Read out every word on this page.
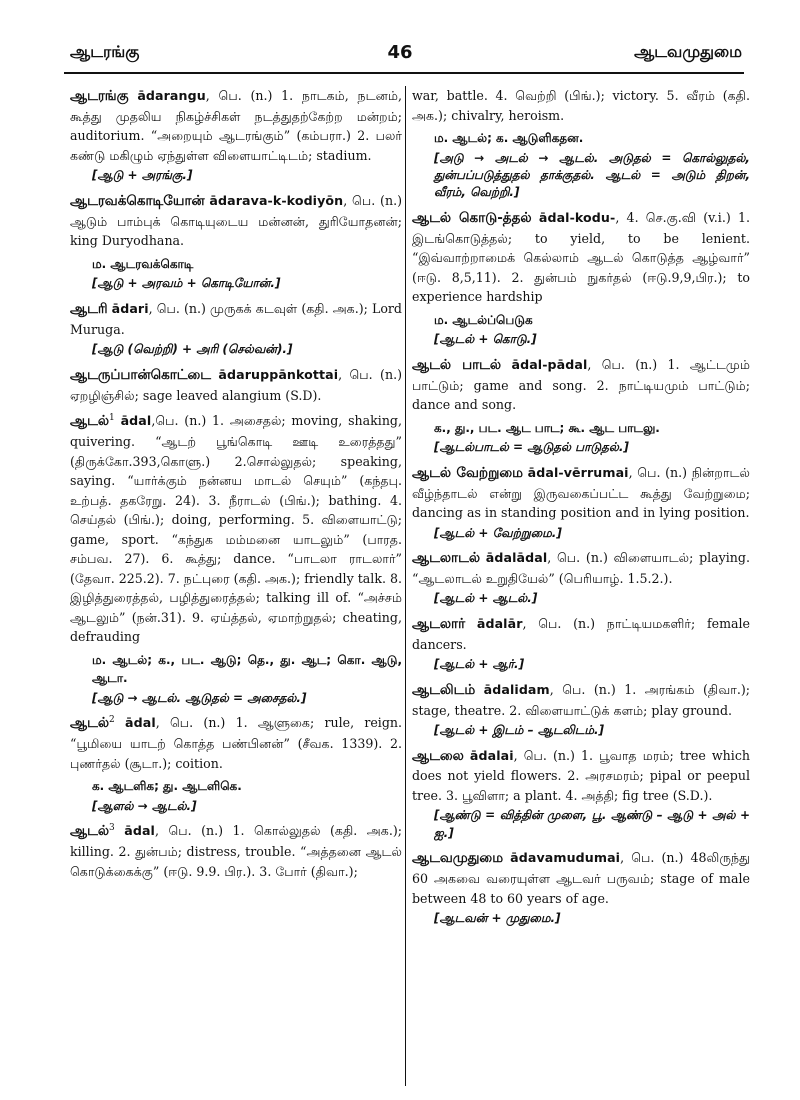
ஆடரங்கு	46	ஆடவமுதுமை

ஆடரங்கு ādarangu, பெ. (n.) 1. நாடகம், நடனம், கூத்து முதலிய நிகழ்ச்சிகள் நடத்துதற்கேற்ற மன்றம்; auditorium. “அறையும் ஆடரங்கும்” (கம்பரா.) 2. பலர் கண்டு மகிழும் ஏந்துள்ள விளையாட்டிடம்; stadium.

[ஆடு + அரங்கு.]

ஆடரவக்கொடியோன் ādarava-k-kodiyōn, பெ. (n.) ஆடும் பாம்புக் கொடியுடைய மன்னன், துரியோதனன்; king Duryodhana.

ம. ஆடரவக்கொடி
[ஆடு + அரவம் + கொடியோன்.]

ஆடரி ādari, பெ. (n.) முருகக் கடவுள் (கதி. அக.); Lord Muruga.

[ஆடு (வெற்றி) + அரி (செல்வன்).]

ஆடருப்பான்கொட்டை ādaruppānkottai, பெ. (n.) ஏறழிஞ்சில்; sage leaved alangium (S.D).

ஆடல்$^1$ ādal,பெ. (n.) 1. அசைதல்; moving, shaking, quivering. “ஆடற் பூங்கொடி ஊடி உரைத்தது” (திருக்கோ.393,கொளு.) 2.சொல்லுதல்; speaking, saying. “யார்க்கும் நன்னய மாடல் செயும்” (கந்தபு. உற்பத். தகரேறு. 24). 3. நீராடல் (பிங்.); bathing. 4. செய்தல் (பிங்.); doing, performing. 5. விளையாட்டு; game, sport. “கந்துக மம்மனை யாடலும்” (பாரத. சம்பவ. 27). 6. கூத்து; dance. “பாடலா ராடலார்” (தேவா. 225.2). 7. நட்புரை (கதி. அக.); friendly talk. 8. இழித்துரைத்தல், பழித்துரைத்தல்; talking ill of. “அச்சம் ஆடலும்” (நன்.31). 9. ஏய்த்தல், ஏமாற்றுதல்; cheating, defrauding

ம. ஆடல்; க., பட. ஆடு; தெ., து. ஆட; கொ. ஆடு, ஆடா.
[ஆடு → ஆடல். ஆடுதல் = அசைதல்.]

ஆடல்$^2$ ādal, பெ. (n.) 1. ஆளுகை; rule, reign. “பூமியை யாடற் கொத்த பண்பினன்” (சீவக. 1339). 2. புணர்தல் (சூடா.); coition.

க. ஆடளிக; து. ஆடளிகெ.
[ஆளல் → ஆடல்.]

ஆடல்$^3$ ādal, பெ. (n.) 1. கொல்லுதல் (கதி. அக.); killing. 2. துன்பம்; distress, trouble. “அத்தனை ஆடல் கொடுக்கைக்கு” (ஈடு. 9.9. பிர.). 3. போர் (திவா.);

war, battle. 4. வெற்றி (பிங்.); victory. 5. வீரம் (கதி. அக.); chivalry, heroism.

ம. ஆடல்; க. ஆடுளிகதன.
[அடு → அடல் → ஆடல். அடுதல் = கொல்லுதல், துன்பப்படுத்துதல் தாக்குதல். ஆடல் = அடும் திறன், வீரம், வெற்றி.]

ஆடல் கொடு-த்தல் ādal-kodu-, 4. செ.கு.வி (v.i.) 1. இடங்கொடுத்தல்; to yield, to be lenient. “இவ்வாற்றாமைக் கெல்லாம் ஆடல் கொடுத்த ஆழ்வார்” (ஈடு. 8,5,11). 2. துன்பம் நுகர்தல் (ஈடு.9,9,பிர.); to experience hardship

ம. ஆடல்ப்பெடுக
[ஆடல் + கொடு.]

ஆடல் பாடல் ādal-pādal, பெ. (n.) 1. ஆட்டமும் பாட்டும்; game and song. 2. நாட்டியமும் பாட்டும்; dance and song.

க., து., பட. ஆட பாட; கூ. ஆட பாடலு.
[ஆடல்பாடல் = ஆடுதல் பாடுதல்.]

ஆடல் வேற்றுமை ādal-vērrumai, பெ. (n.) நின்றாடல் வீழ்ந்தாடல் என்று இருவகைப்பட்ட கூத்து வேற்றுமை; dancing as in standing position and in lying position.

[ஆடல் + வேற்றுமை.]

ஆடலாடல் ādalādal, பெ. (n.) விளையாடல்; playing. “ஆடலாடல் உறுதியேல்” (பெரியாழ். 1.5.2.).

[ஆடல் + ஆடல்.]

ஆடலார் ādalār, பெ. (n.) நாட்டியமகளிர்; female dancers.

[ஆடல் + ஆர்.]

ஆடலிடம் ādalidam, பெ. (n.) 1. அரங்கம் (திவா.); stage, theatre. 2. விளையாட்டுக் களம்; play ground.

[ஆடல் + இடம் – ஆடலிடம்.]

ஆடலை ādalai, பெ. (n.) 1. பூவாத மரம்; tree which does not yield flowers. 2. அரசமரம்; pipal or peepul tree. 3. பூவிளா; a plant. 4. அத்தி; fig tree (S.D.).

[ஆண்டு = வித்தின் முளை, பூ. ஆண்டு – ஆடு + அல் + ஐ.]

ஆடவமுதுமை ādavamudumai, பெ. (n.) 48லிருந்து 60 அகவை வரையுள்ள ஆடவர் பருவம்; stage of male between 48 to 60 years of age.

[ஆடவன் + முதுமை.]
